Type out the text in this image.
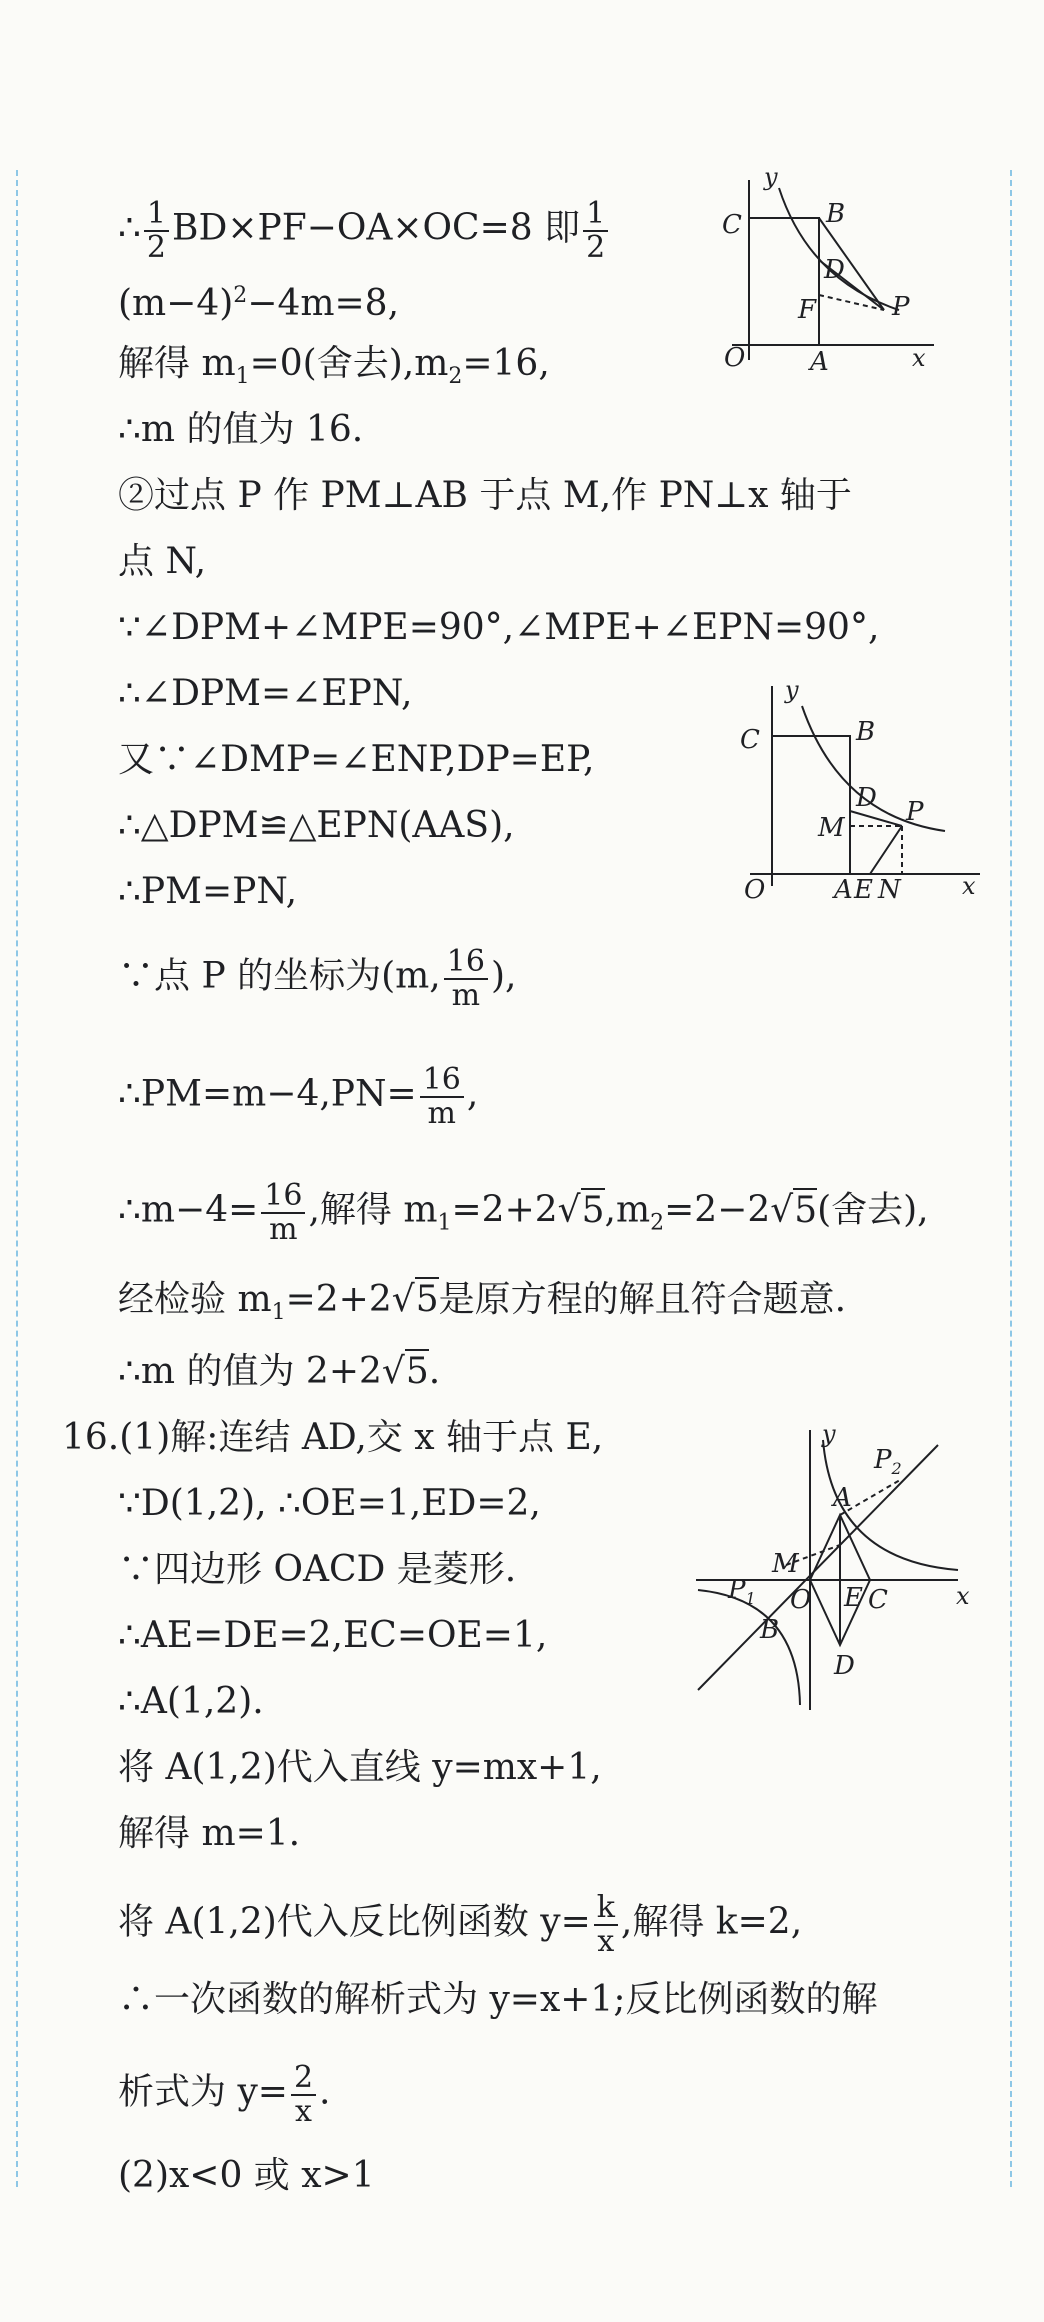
∴ $\frac{1}{2} BD\times PF-OA\times OC=8$ 即 $\frac{1}{2}$
$(m-4)^2-4m=8$,
解得 $m_1=0$(舍去)$,m_2=16$,
∴m 的值为 16.
②过点 P 作 PM⊥AB 于点 M,作 PN⊥x 轴于
点 N,
∵∠DPM+∠MPE=90°,∠MPE+∠EPN=90°,
∴∠DPM=∠EPN,
又∵∠DMP=∠ENP,DP=EP,
∴△DPM≌△EPN(AAS),
∴PM=PN,
∵点 P 的坐标为(m, $\frac{16}{m}$ ),
∴PM=m−4,PN= $\frac{16}{m}$ ,
∴m−4= $\frac{16}{m}$ ,解得 $m_1=2+2√5,m_2=2-2√5$(舍去),
经检验 $m_1=2+2√5$是原方程的解且符合题意.
∴m 的值为 2+2√5.
16.(1)解:连结 AD,交 x 轴于点 E,
∵D(1,2), ∴OE=1,ED=2,
∵四边形 OACD 是菱形.
∴AE=DE=2,EC=OE=1,
∴A(1,2).
将 A(1,2)代入直线 y=mx+1,
解得 m=1.
将 A(1,2)代入反比例函数 $y= \frac{k}{x}$ ,解得 k=2,
∴一次函数的解析式为 y=x+1;反比例函数的解
析式为 $y= \frac{2}{x}$ .
(2)x<0 或 x>1
y
x
O A
B
C
D
F	P
y
x
O	A E N
B
C
D
M
P
y
x
O
A
B
C
D
E
M
$P_1$
$P_2$
